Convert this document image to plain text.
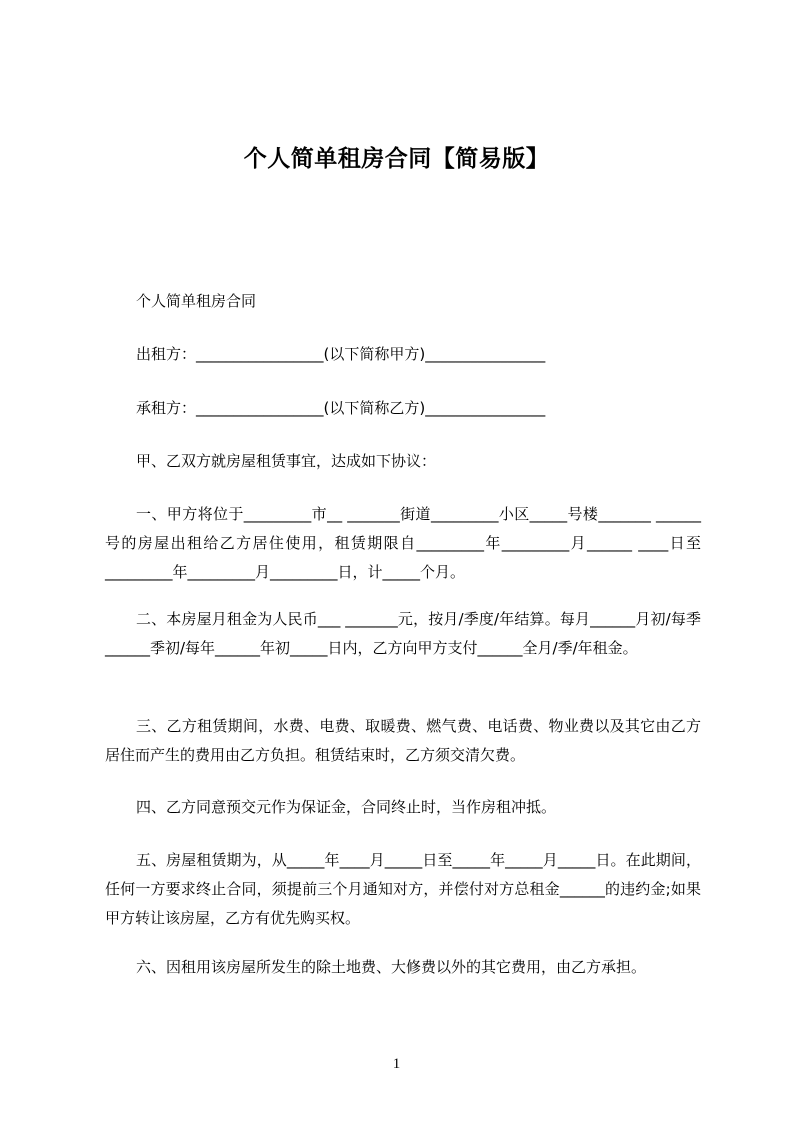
个人简单租房合同【简易版】
个人简单租房合同
出租方：_________________(以下简称甲方)________________
承租方：_________________(以下简称乙方)________________
甲、乙双方就房屋租赁事宜，达成如下协议：
一、甲方将位于_________市__ _______街道_________小区_____号楼_______ ______号的房屋出租给乙方居住使用，租赁期限自_________年_________月______ ____日至_________年_________月_________日，计_____个月。
二、本房屋月租金为人民币___ _______元，按月/季度/年结算。每月______月初/每季______季初/每年______年初_____日内，乙方向甲方支付______全月/季/年租金。
三、乙方租赁期间，水费、电费、取暖费、燃气费、电话费、物业费以及其它由乙方居住而产生的费用由乙方负担。租赁结束时，乙方须交清欠费。
四、乙方同意预交元作为保证金，合同终止时，当作房租冲抵。
五、房屋租赁期为，从_____年____月_____日至_____年_____月_____日。在此期间，任何一方要求终止合同，须提前三个月通知对方，并偿付对方总租金______的违约金;如果甲方转让该房屋，乙方有优先购买权。
六、因租用该房屋所发生的除土地费、大修费以外的其它费用，由乙方承担。
1
